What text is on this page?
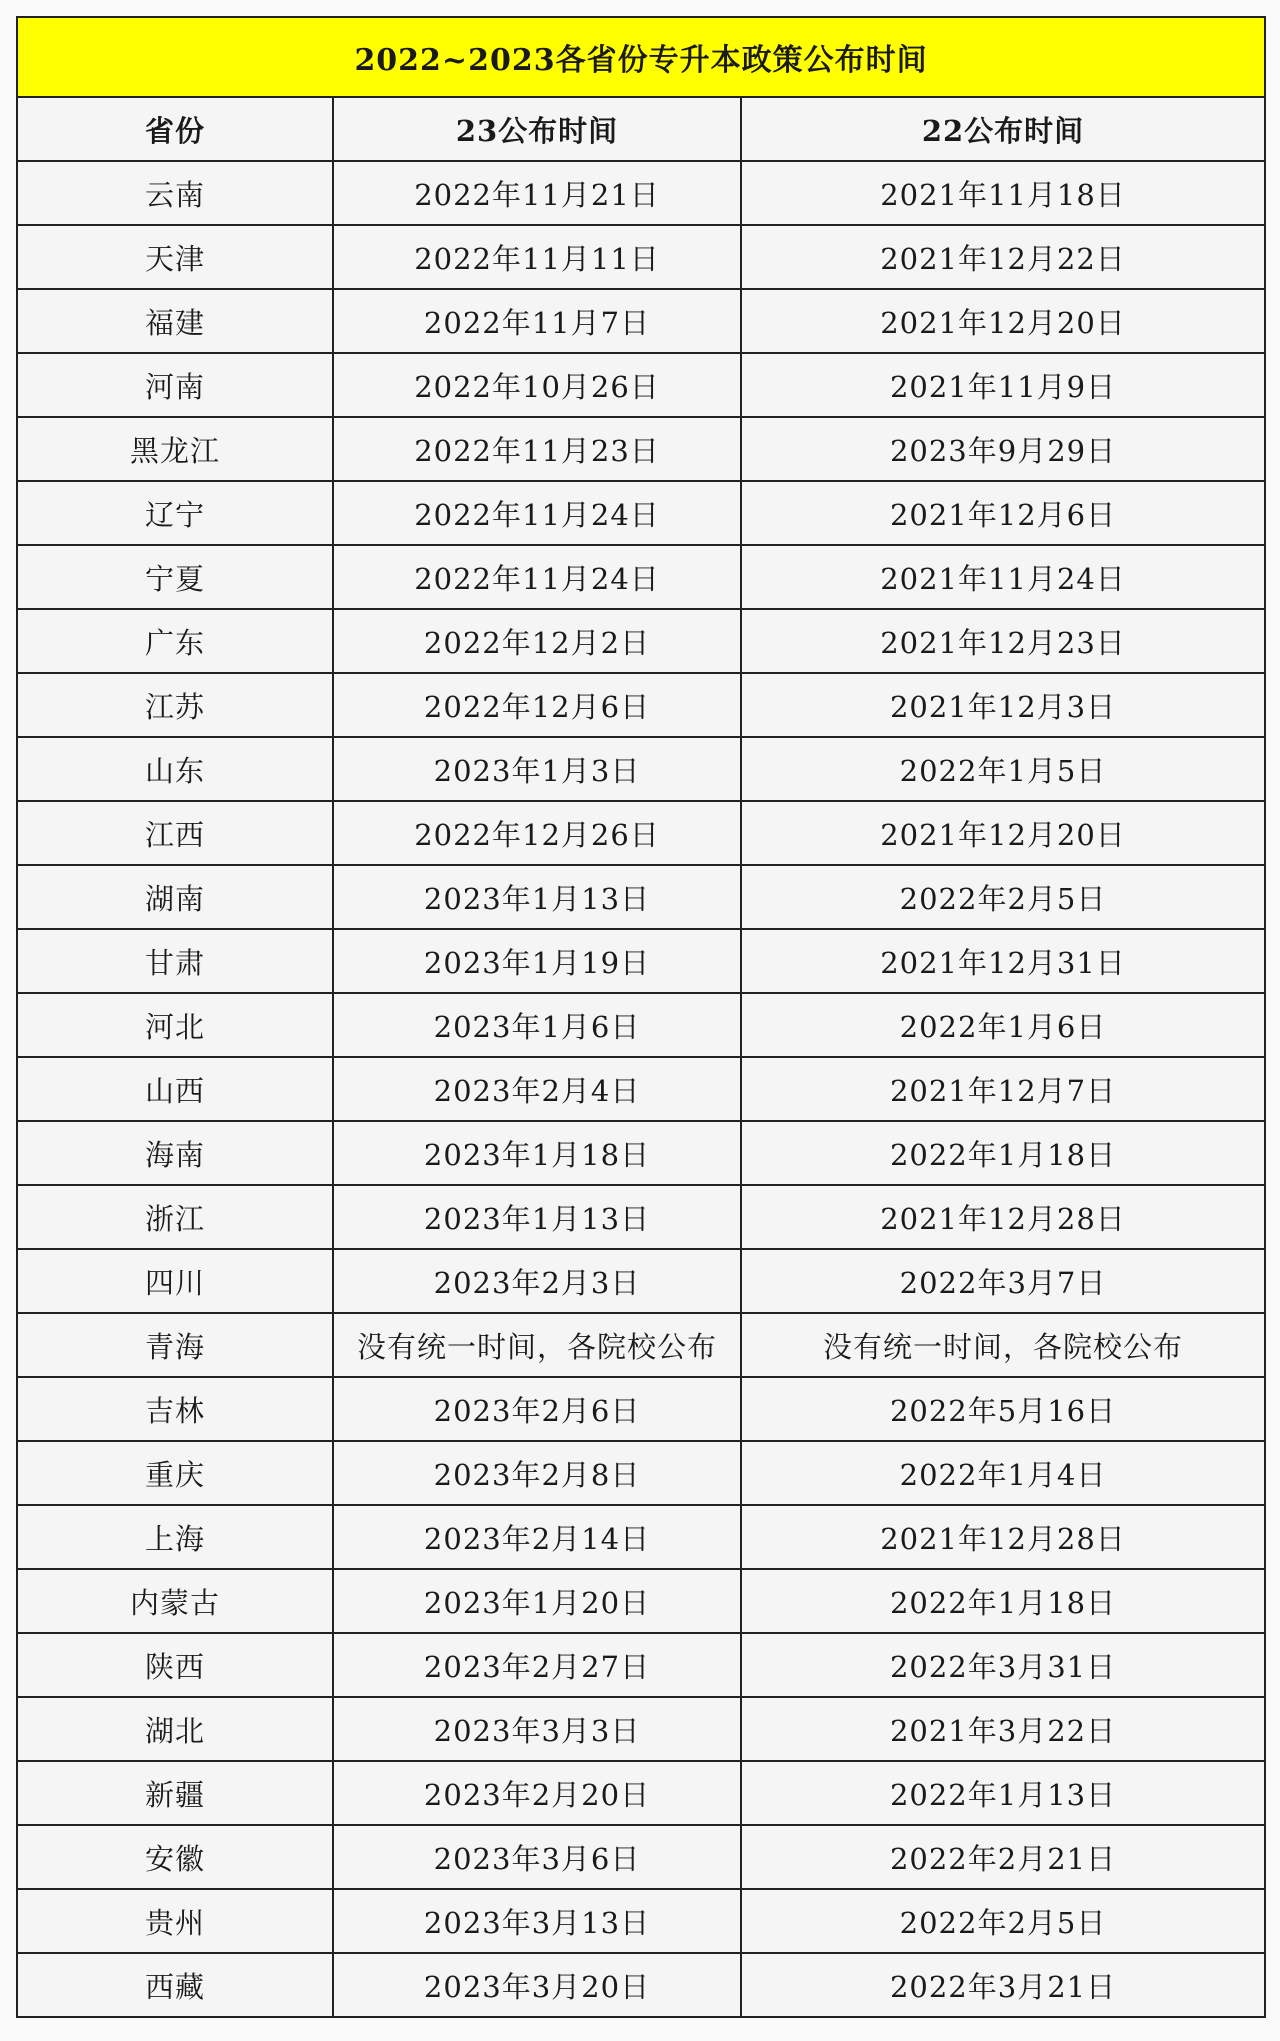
2022~2023各省份专升本政策公布时间		
省份	23公布时间	22公布时间
云南	2022年11月21日	2021年11月18日
天津	2022年11月11日	2021年12月22日
福建	2022年11月7日	2021年12月20日
河南	2022年10月26日	2021年11月9日
黑龙江	2022年11月23日	2023年9月29日
辽宁	2022年11月24日	2021年12月6日
宁夏	2022年11月24日	2021年11月24日
广东	2022年12月2日	2021年12月23日
江苏	2022年12月6日	2021年12月3日
山东	2023年1月3日	2022年1月5日
江西	2022年12月26日	2021年12月20日
湖南	2023年1月13日	2022年2月5日
甘肃	2023年1月19日	2021年12月31日
河北	2023年1月6日	2022年1月6日
山西	2023年2月4日	2021年12月7日
海南	2023年1月18日	2022年1月18日
浙江	2023年1月13日	2021年12月28日
四川	2023年2月3日	2022年3月7日
青海	没有统一时间，各院校公布	没有统一时间，各院校公布
吉林	2023年2月6日	2022年5月16日
重庆	2023年2月8日	2022年1月4日
上海	2023年2月14日	2021年12月28日
内蒙古	2023年1月20日	2022年1月18日
陕西	2023年2月27日	2022年3月31日
湖北	2023年3月3日	2021年3月22日
新疆	2023年2月20日	2022年1月13日
安徽	2023年3月6日	2022年2月21日
贵州	2023年3月13日	2022年2月5日
西藏	2023年3月20日	2022年3月21日
